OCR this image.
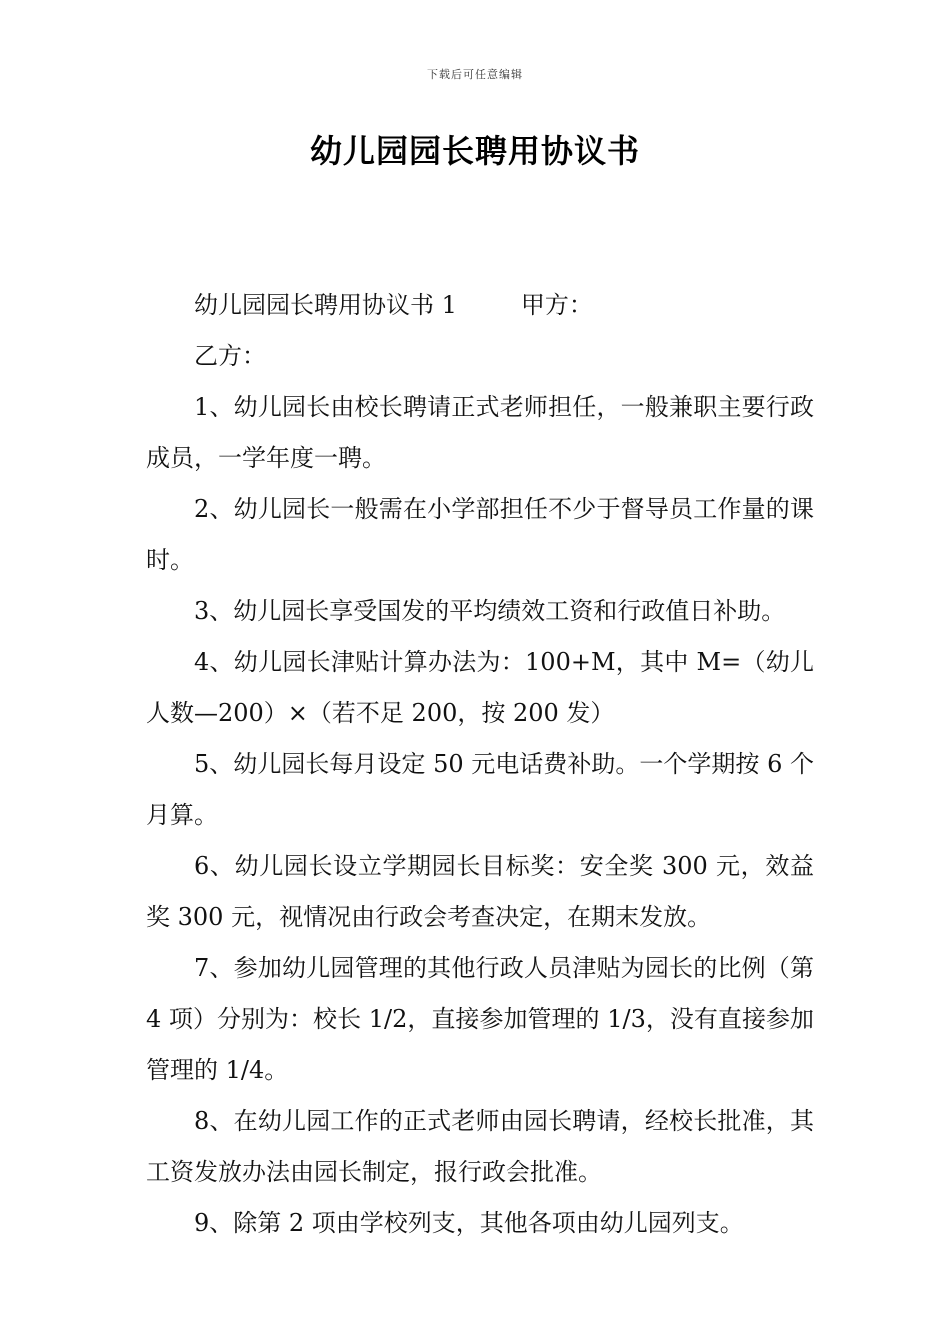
下载后可任意编辑
幼儿园园长聘用协议书

幼儿园园长聘用协议书 1	甲方：

乙方：

1、幼儿园长由校长聘请正式老师担任，一般兼职主要行政成员，一学年度一聘。

2、幼儿园长一般需在小学部担任不少于督导员工作量的课时。

3、幼儿园长享受国发的平均绩效工资和行政值日补助。

4、幼儿园长津贴计算办法为：100+M，其中 M=（幼儿人数—200）×（若不足 200，按 200 发）

5、幼儿园长每月设定 50 元电话费补助。一个学期按 6 个月算。

6、幼儿园长设立学期园长目标奖：安全奖 300 元，效益奖 300 元，视情况由行政会考查决定，在期末发放。

7、参加幼儿园管理的其他行政人员津贴为园长的比例（第 4 项）分别为：校长 1/2，直接参加管理的 1/3，没有直接参加管理的 1/4。

8、在幼儿园工作的正式老师由园长聘请，经校长批准，其工资发放办法由园长制定，报行政会批准。

9、除第 2 项由学校列支，其他各项由幼儿园列支。
